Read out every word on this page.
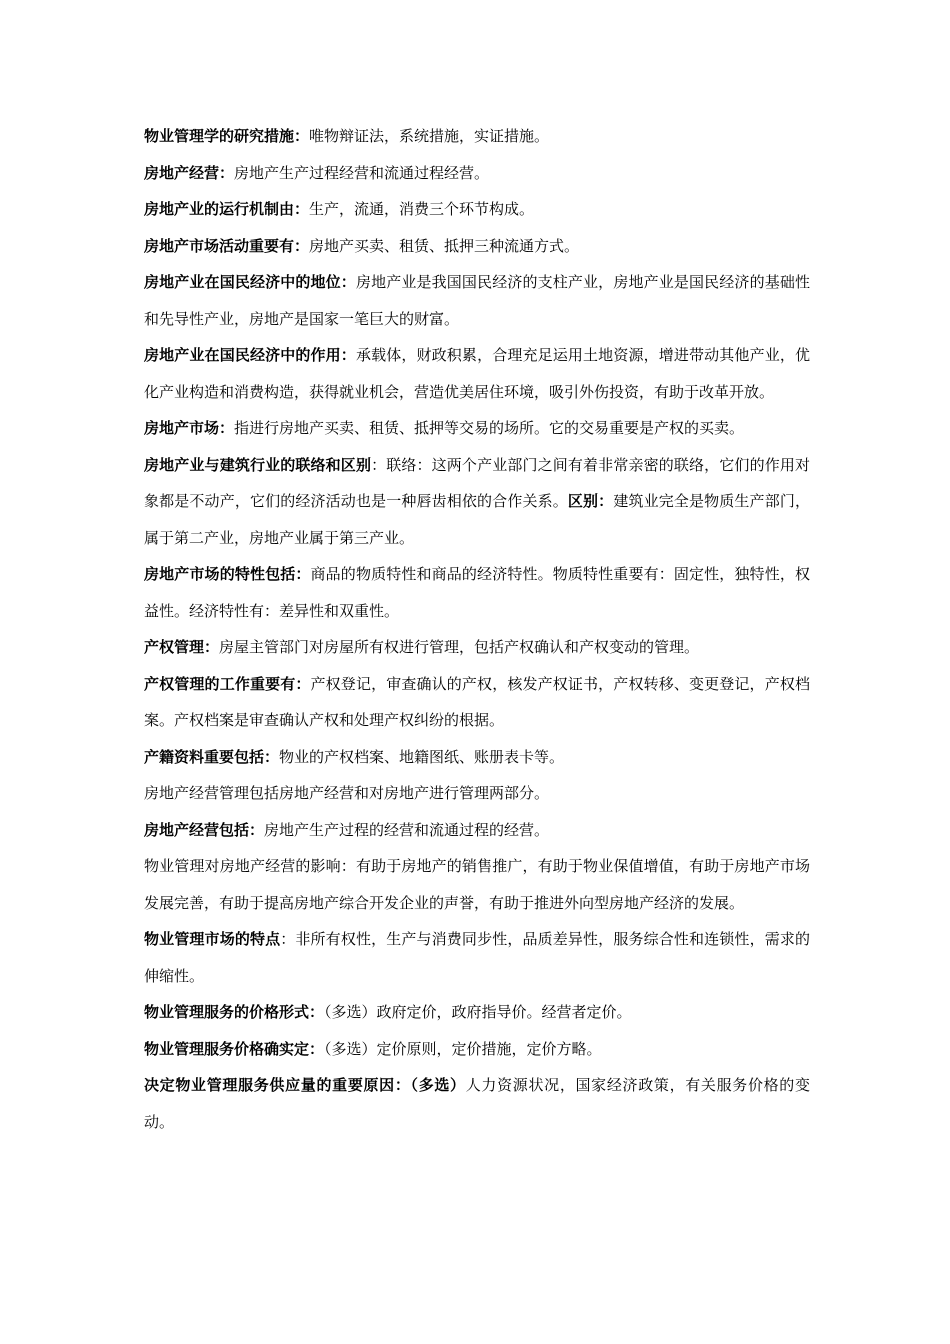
物业管理学的研究措施：唯物辩证法，系统措施，实证措施。

房地产经营：房地产生产过程经营和流通过程经营。

房地产业的运行机制由：生产，流通，消费三个环节构成。

房地产市场活动重要有：房地产买卖、租赁、抵押三种流通方式。

房地产业在国民经济中的地位：房地产业是我国国民经济的支柱产业，房地产业是国民经济的基础性和先导性产业，房地产是国家一笔巨大的财富。

房地产业在国民经济中的作用：承载体，财政积累，合理充足运用土地资源，增进带动其他产业，优化产业构造和消费构造，获得就业机会，营造优美居住环境，吸引外伤投资，有助于改革开放。

房地产市场：指进行房地产买卖、租赁、抵押等交易的场所。它的交易重要是产权的买卖。

房地产业与建筑行业的联络和区别：联络：这两个产业部门之间有着非常亲密的联络，它们的作用对象都是不动产，它们的经济活动也是一种唇齿相依的合作关系。区别：建筑业完全是物质生产部门，属于第二产业，房地产业属于第三产业。

房地产市场的特性包括：商品的物质特性和商品的经济特性。物质特性重要有：固定性，独特性，权益性。经济特性有：差异性和双重性。

产权管理：房屋主管部门对房屋所有权进行管理，包括产权确认和产权变动的管理。

产权管理的工作重要有：产权登记，审查确认的产权，核发产权证书，产权转移、变更登记，产权档案。产权档案是审查确认产权和处理产权纠纷的根据。

产籍资料重要包括：物业的产权档案、地籍图纸、账册表卡等。

房地产经营管理包括房地产经营和对房地产进行管理两部分。

房地产经营包括：房地产生产过程的经营和流通过程的经营。

物业管理对房地产经营的影响：有助于房地产的销售推广，有助于物业保值增值，有助于房地产市场发展完善，有助于提高房地产综合开发企业的声誉，有助于推进外向型房地产经济的发展。

物业管理市场的特点：非所有权性，生产与消费同步性，品质差异性，服务综合性和连锁性，需求的伸缩性。

物业管理服务的价格形式：（多选）政府定价，政府指导价。经营者定价。

物业管理服务价格确实定：（多选）定价原则，定价措施，定价方略。

决定物业管理服务供应量的重要原因：（多选）人力资源状况，国家经济政策，有关服务价格的变动。
